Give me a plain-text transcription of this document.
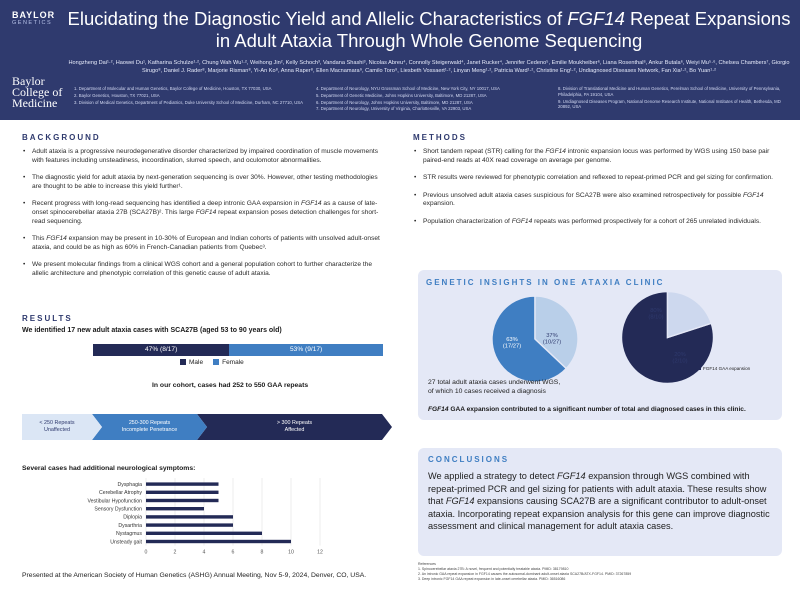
BAYLOR
GENETICS
Baylor
College of
Medicine
Elucidating the Diagnostic Yield and Allelic Characteristics of FGF14 Repeat Expansions in Adult Ataxia Through Whole Genome Sequencing
Hongzheng Dai¹·², Haowei Du¹, Katharina Schulze¹·², Chung Wah Wu¹·², Weihong Jin², Kelly Schoch³, Vandana Shashi³, Nicolas Abreu⁴, Connolly Steigerwald⁴, Janet Rucker⁴, Jennifer Cedeno⁵, Emilie Moukheiber⁶, Liana Rosenthal⁶, Ankur Butala⁶, Weiyi Mu⁵·⁶, Chelsea Chambers⁷, Giorgio Sirugo⁸, Daniel J. Rader⁸, Marjorie Risman⁸, Yi-An Ko⁸, Anna Raper⁸, Ellen Macnamara⁹, Camilo Toro⁹, Liesbeth Vossaert¹·², Linyan Meng¹·², Patricia Ward¹·², Christine Eng¹·², Undiagnosed Diseases Network, Fan Xia¹·², Bo Yuan¹·²

1. Department of Molecular and Human Genetics, Baylor College of Medicine, Houston, TX 77030, USA

2. Baylor Genetics, Houston, TX 77021, USA

3. Division of Medical Genetics, Department of Pediatrics, Duke University School of Medicine, Durham, NC 27710, USA

4. Department of Neurology, NYU Grossman School of Medicine, New York City, NY 10017, USA

5. Department of Genetic Medicine, Johns Hopkins University, Baltimore, MD 21287, USA

6. Department of Neurology, Johns Hopkins University, Baltimore, MD 21287, USA

7. Department of Neurology, University of Virginia, Charlottesville, VA 22903, USA

8. Division of Translational Medicine and Human Genetics, Perelman School of Medicine, University of Pennsylvania, Philadelphia, PA 19104, USA

9. Undiagnosed Diseases Program, National Genome Research Institute, National Institutes of Health, Bethesda, MD 20892, USA

BACKGROUND
• Adult ataxia is a progressive neurodegenerative disorder characterized by impaired coordination of muscle movements with features including unsteadiness, incoordination, slurred speech, and oculomotor abnormalities.
• The diagnostic yield for adult ataxia by next-generation sequencing is over 30%. However, other testing methodologies are thought to be able to increase this yield further¹.
• Recent progress with long-read sequencing has identified a deep intronic GAA expansion in FGF14 as a cause of late-onset spinocerebellar ataxia 27B (SCA27B)². This large FGF14 repeat expansion poses detection challenges for short-read sequencing.
• This FGF14 expansion may be present in 10-30% of European and Indian cohorts of patients with unsolved adult-onset ataxia, and could be as high as 60% in French-Canadian patients from Quebec³.
• We present molecular findings from a clinical WGS cohort and a general population cohort to further characterize the allelic architecture and phenotypic correlation of this genetic cause of adult ataxia.
RESULTS
We identified 17 new adult ataxia cases with SCA27B (aged 53 to 90 years old)
47% (8/17)	53% (9/17)
Male	Female
In our cohort, cases had 252 to 550 GAA repeats
< 250 Repeats
Unaffected
250-300 Repeats
Incomplete Penetrance
> 300 Repeats
Affected
Several cases had additional neurological symptoms:
0	2	4	6	8	10	12
Dysphagia
Cerebellar Atrophy
Vestibular Hypofunction
Sensory Dysfunction
Diplopia
Dysarthria
Nystagmus
Unsteady gait
Presented at the American Society of Human Genetics (ASHG) Annual Meeting, Nov 5-9, 2024, Denver, CO, USA.
METHODS
• Short tandem repeat (STR) calling for the FGF14 intronic expansion locus was performed by WGS using 150 base pair paired-end reads at 40X read coverage on average per genome.
• STR results were reviewed for phenotypic correlation and reflexed to repeat-primed PCR and gel sizing for confirmation.
• Previous unsolved adult ataxia cases suspicious for SCA27B were also examined retrospectively for possible FGF14 expansion.
• Population characterization of FGF14 repeats was performed prospectively for a cohort of 265 unrelated individuals.
GENETIC INSIGHTS IN ONE ATAXIA CLINIC
63%
(17/27)
37%
(10/27)
80%
(8/10)
20%
(2/10)
FGF14 GAA expansion
27 total adult ataxia cases underwent WGS,
of which 10 cases received a diagnosis
FGF14 GAA expansion contributed to a significant number of total and diagnosed cases in this clinic.
CONCLUSIONS
We applied a strategy to detect FGF14 expansion through WGS combined with repeat-primed PCR and gel sizing for patients with adult ataxia. These results show that FGF14 expansions causing SCA27B are a significant contributor to adult-onset ataxia. Incorporating repeat expansion analysis for this gene can improve diagnostic assessment and clinical management for adult ataxia cases.
References
1. Spinocerebellar ataxia 27B: A novel, frequent and potentially treatable ataxia. PMID: 38179810
2. An intronic GAA repeat expansion in FGF14 causes the autosomal-dominant adult-onset ataxia SCA27B/ATX-FGF14. PMID: 37267859
3. Deep intronic FGF14 GAA repeat expansion in late-onset cerebellar ataxia. PMID: 36516086
